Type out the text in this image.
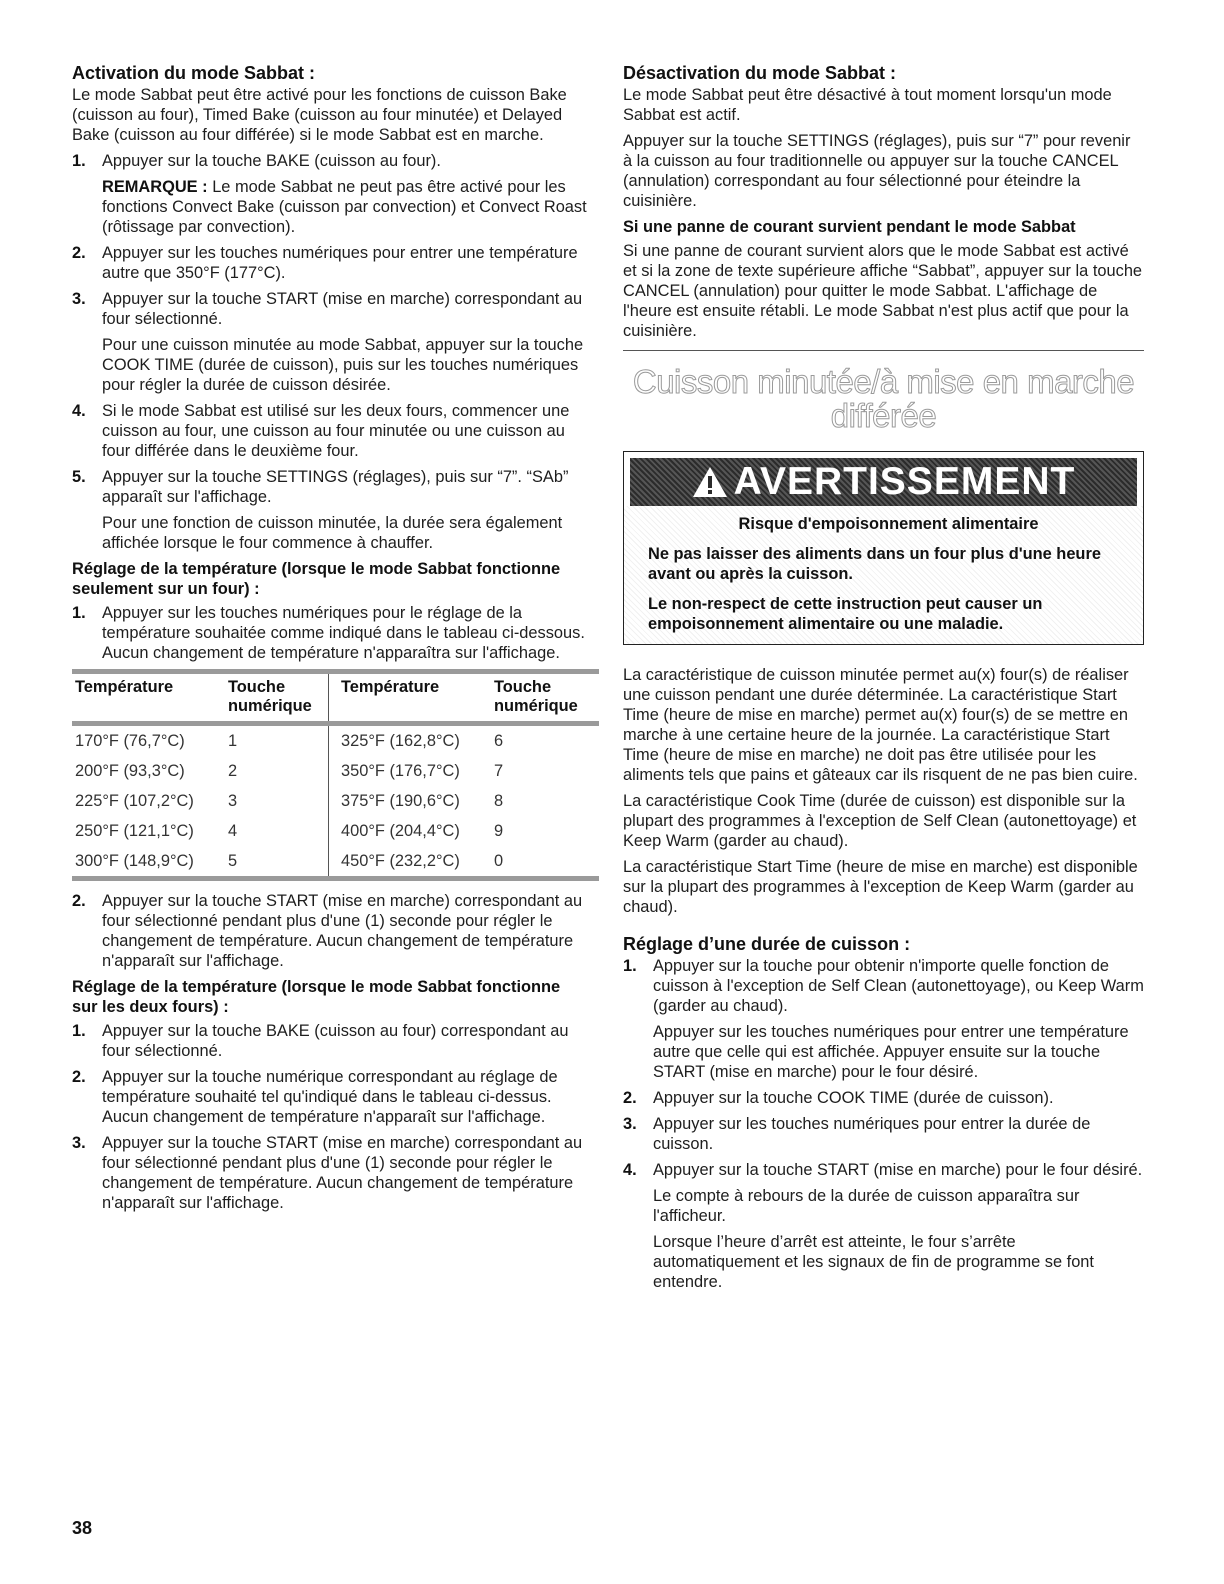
Activation du mode Sabbat :

Le mode Sabbat peut être activé pour les fonctions de cuisson Bake (cuisson au four), Timed Bake (cuisson au four minutée) et Delayed Bake (cuisson au four différée) si le mode Sabbat est en marche.

1. Appuyer sur la touche BAKE (cuisson au four).

REMARQUE : Le mode Sabbat ne peut pas être activé pour les fonctions Convect Bake (cuisson par convection) et Convect Roast (rôtissage par convection).

2. Appuyer sur les touches numériques pour entrer une température autre que 350°F (177°C).

3. Appuyer sur la touche START (mise en marche) correspondant au four sélectionné.

Pour une cuisson minutée au mode Sabbat, appuyer sur la touche COOK TIME (durée de cuisson), puis sur les touches numériques pour régler la durée de cuisson désirée.

4. Si le mode Sabbat est utilisé sur les deux fours, commencer une cuisson au four, une cuisson au four minutée ou une cuisson au four différée dans le deuxième four.

5. Appuyer sur la touche SETTINGS (réglages), puis sur “7”. “SAb” apparaît sur l'affichage.

Pour une fonction de cuisson minutée, la durée sera également affichée lorsque le four commence à chauffer.

Réglage de la température (lorsque le mode Sabbat fonctionne seulement sur un four) :
1. Appuyer sur les touches numériques pour le réglage de la température souhaitée comme indiqué dans le tableau ci-dessous. Aucun changement de température n'apparaîtra sur l'affichage.

Température	Touche numérique	Température	Touche numérique
170°F (76,7°C)	1	325°F (162,8°C)	6
200°F (93,3°C)	2	350°F (176,7°C)	7
225°F (107,2°C)	3	375°F (190,6°C)	8
250°F (121,1°C)	4	400°F (204,4°C)	9
300°F (148,9°C)	5	450°F (232,2°C)	0
2. Appuyer sur la touche START (mise en marche) correspondant au four sélectionné pendant plus d'une (1) seconde pour régler le changement de température. Aucun changement de température n'apparaît sur l'affichage.

Réglage de la température (lorsque le mode Sabbat fonctionne sur les deux fours) :
1. Appuyer sur la touche BAKE (cuisson au four) correspondant au four sélectionné.

2. Appuyer sur la touche numérique correspondant au réglage de température souhaité tel qu'indiqué dans le tableau ci-dessus. Aucun changement de température n'apparaît sur l'affichage.

3. Appuyer sur la touche START (mise en marche) correspondant au four sélectionné pendant plus d'une (1) seconde pour régler le changement de température. Aucun changement de température n'apparaît sur l'affichage.

Désactivation du mode Sabbat :

Le mode Sabbat peut être désactivé à tout moment lorsqu'un mode Sabbat est actif.

Appuyer sur la touche SETTINGS (réglages), puis sur “7” pour revenir à la cuisson au four traditionnelle ou appuyer sur la touche CANCEL (annulation) correspondant au four sélectionné pour éteindre la cuisinière.

Si une panne de courant survient pendant le mode Sabbat

Si une panne de courant survient alors que le mode Sabbat est activé et si la zone de texte supérieure affiche “Sabbat”, appuyer sur la touche CANCEL (annulation) pour quitter le mode Sabbat. L'affichage de l'heure est ensuite rétabli. Le mode Sabbat n'est plus actif que pour la cuisinière.

Cuisson minutée/à mise en marche
différée
AVERTISSEMENT

Risque d'empoisonnement alimentaire

Ne pas laisser des aliments dans un four plus d'une heure avant ou après la cuisson.

Le non-respect de cette instruction peut causer un empoisonnement alimentaire ou une maladie.

La caractéristique de cuisson minutée permet au(x) four(s) de réaliser une cuisson pendant une durée déterminée. La caractéristique Start Time (heure de mise en marche) permet au(x) four(s) de se mettre en marche à une certaine heure de la journée. La caractéristique Start Time (heure de mise en marche) ne doit pas être utilisée pour les aliments tels que pains et gâteaux car ils risquent de ne pas bien cuire.

La caractéristique Cook Time (durée de cuisson) est disponible sur la plupart des programmes à l'exception de Self Clean (autonettoyage) et Keep Warm (garder au chaud).

La caractéristique Start Time (heure de mise en marche) est disponible sur la plupart des programmes à l'exception de Keep Warm (garder au chaud).

Réglage d’une durée de cuisson :
1. Appuyer sur la touche pour obtenir n'importe quelle fonction de cuisson à l'exception de Self Clean (autonettoyage), ou Keep Warm (garder au chaud).

Appuyer sur les touches numériques pour entrer une température autre que celle qui est affichée. Appuyer ensuite sur la touche START (mise en marche) pour le four désiré.

2. Appuyer sur la touche COOK TIME (durée de cuisson).

3. Appuyer sur les touches numériques pour entrer la durée de cuisson.

4. Appuyer sur la touche START (mise en marche) pour le four désiré.

Le compte à rebours de la durée de cuisson apparaîtra sur l'afficheur.

Lorsque l’heure d’arrêt est atteinte, le four s’arrête automatiquement et les signaux de fin de programme se font entendre.

38
